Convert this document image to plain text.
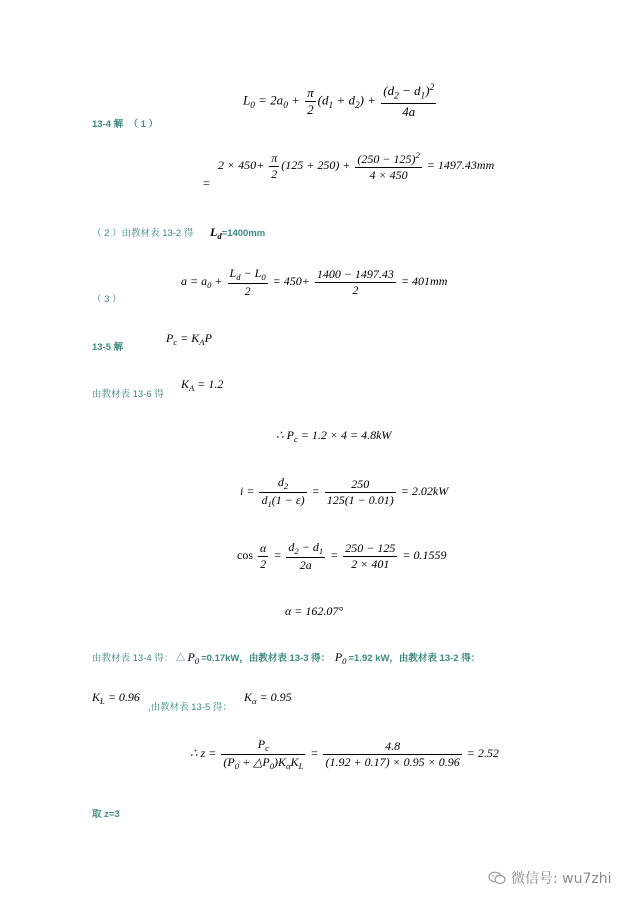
13-4 解 （ 1 ）
$L_0 = 2a_0 + \frac{\pi}{2} (d_1 + d_2) + \frac{(d_2 - d_1)^2}{4a}$
=
$2 \times 450+ \frac{\pi}{2} (125 + 250) + \frac{(250 - 125)^2}{4 \times 450} = 1497.43mm$
（ 2 ）由教材表 13-2 得 $L_d=1400mm$
（ 3 ）
$a = a_0 + \frac{L_d - L_0}{2} = 450+ \frac{1400 - 1497.43}{2} = 401mm$
13-5 解
$P_c = K_AP$
由教材表 13-6 得
$K_A = 1.2$
∴ $P_c = 1.2 \times 4 = 4.8kW$
$i = \frac{d_2}{d_1(1 - \varepsilon)} = \frac{250}{125(1 - 0.01)} = 2.02kW$
$\cos \frac{\alpha}{2} = \frac{d_2 - d_1}{2a} = \frac{250 - 125}{2 \times 401} = 0.1559$
α = 162.07°
由教材表 13-4 得： △ $P_0 =0.17kW$，由教材表 13-3 得： $P_0 =1.92$ kW，由教材表 13-2 得：
$K_L = 0.96$
,由教材表 13-5 得：
$K_\alpha = 0.95$
∴ $z = \frac{P_c}{(P_0 + \triangle P_0)K_\alpha K_L} = \frac{4.8}{(1.92 + 0.17) \times 0.95 \times 0.96} = 2.52$
取 z=3
微信号: wu7zhi
